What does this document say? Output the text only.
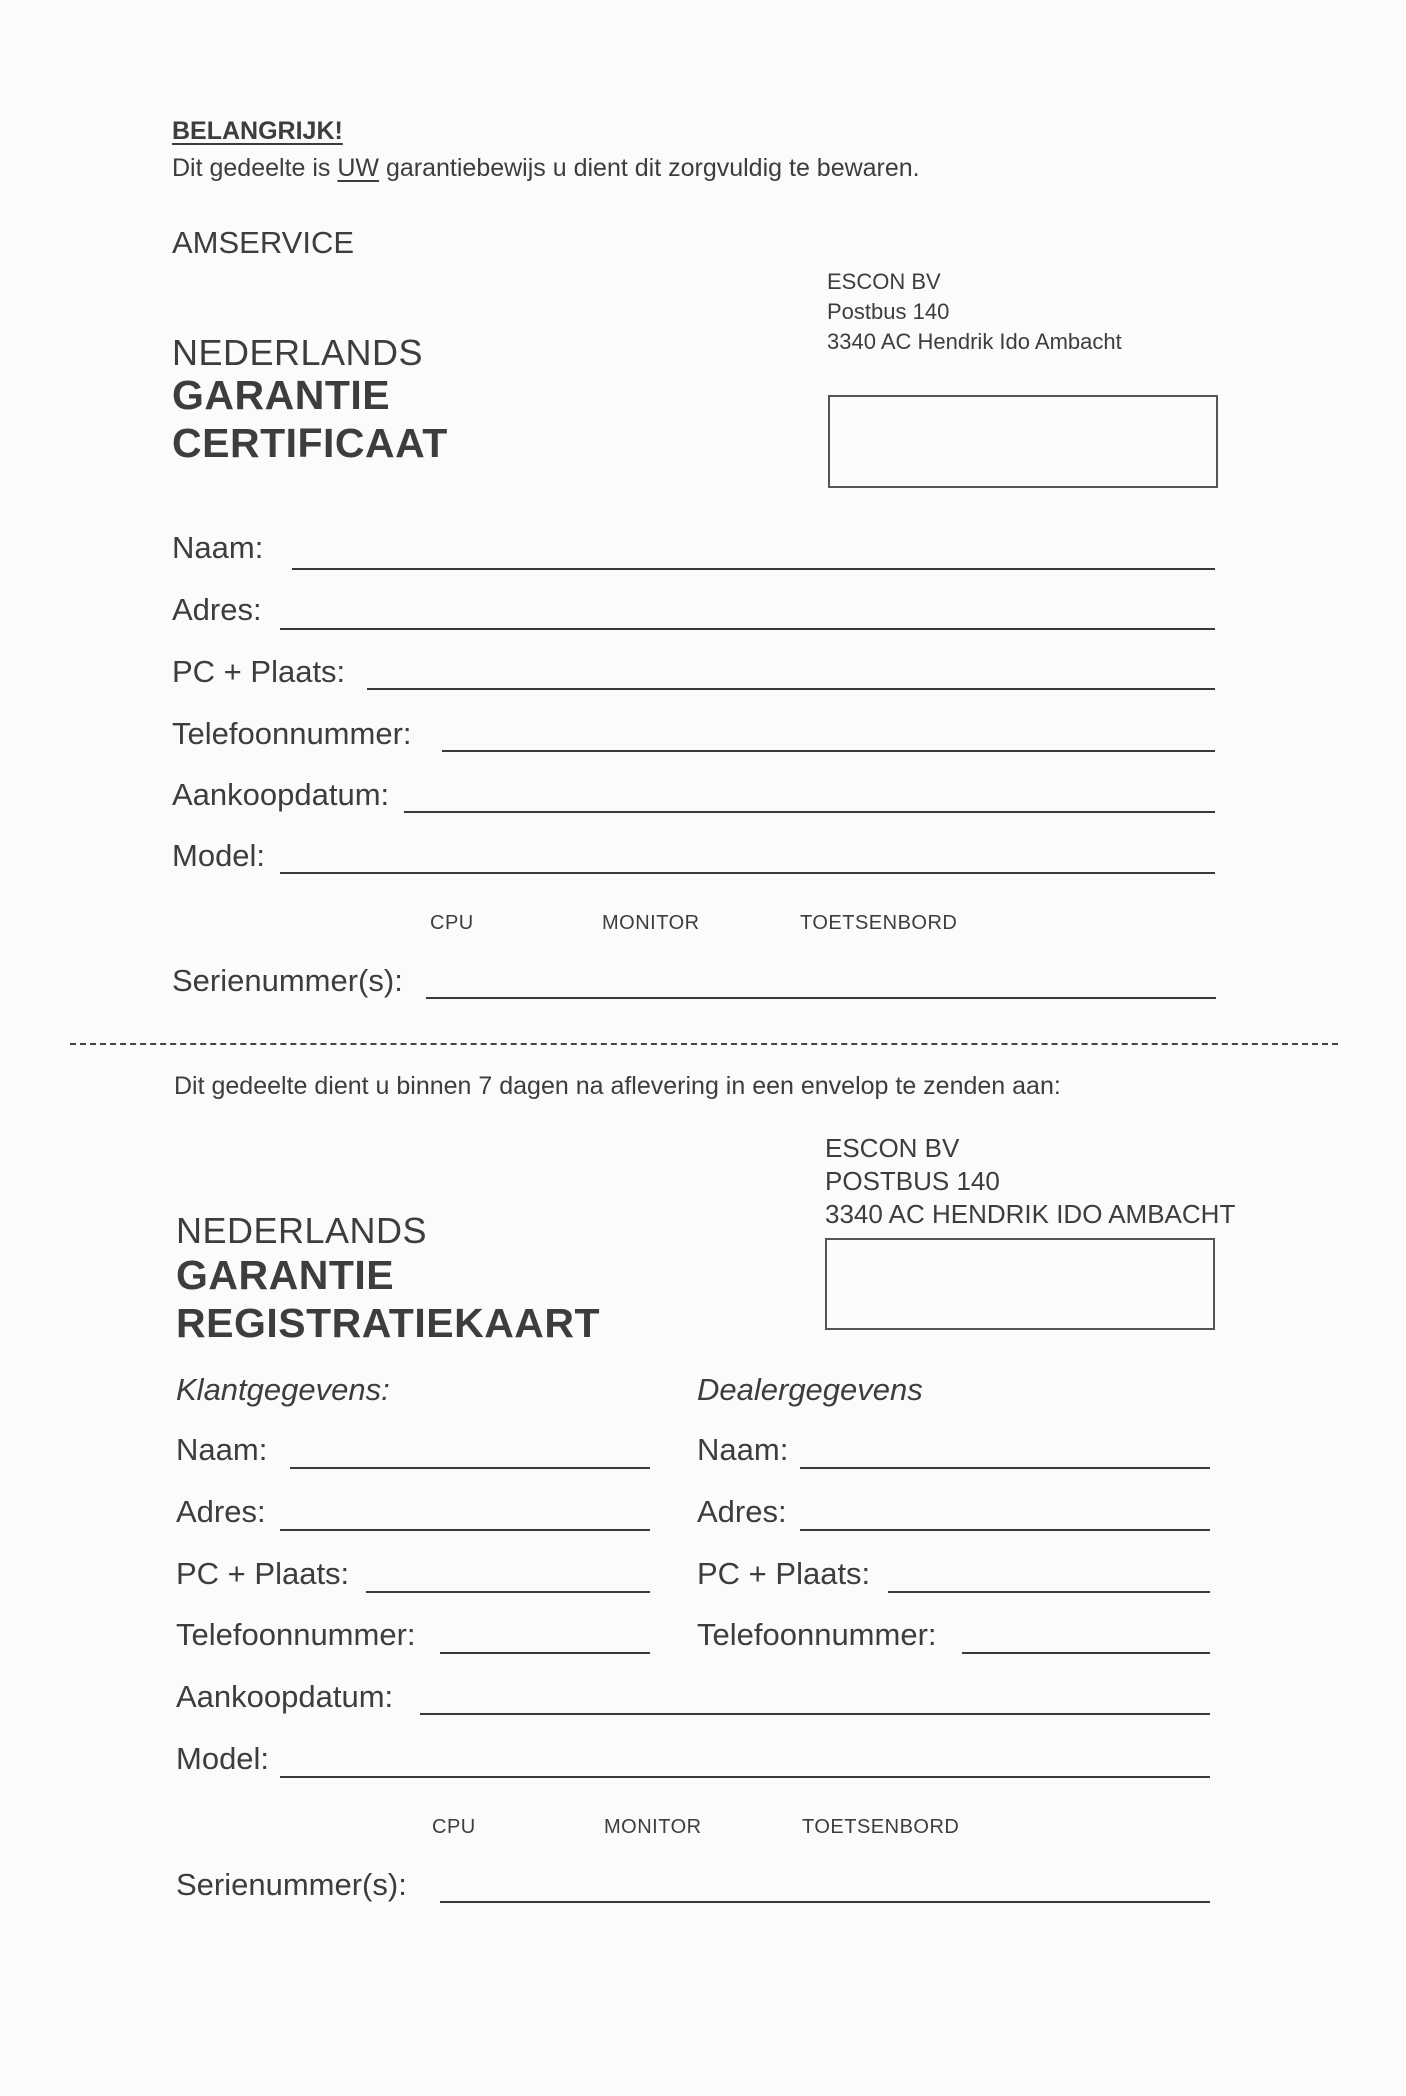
BELANGRIJK!
Dit gedeelte is UW garantiebewijs u dient dit zorgvuldig te bewaren.
AMSERVICE
ESCON BV
Postbus 140
3340 AC Hendrik Ido Ambacht
NEDERLANDS
GARANTIE
CERTIFICAAT
Naam:
Adres:
PC + Plaats:
Telefoonnummer:
Aankoopdatum:
Model:
CPU	MONITOR	TOETSENBORD
Serienummer(s):
Dit gedeelte dient u binnen 7 dagen na aflevering in een envelop te zenden aan:
ESCON BV
POSTBUS 140
3340 AC HENDRIK IDO AMBACHT
NEDERLANDS
GARANTIE
REGISTRATIEKAART
Klantgegevens:	Dealergegevens
Naam:
Adres:
PC + Plaats:
Telefoonnummer:
Naam:
Adres:
PC + Plaats:
Telefoonnummer:
Aankoopdatum:
Model:
CPU	MONITOR	TOETSENBORD
Serienummer(s):
